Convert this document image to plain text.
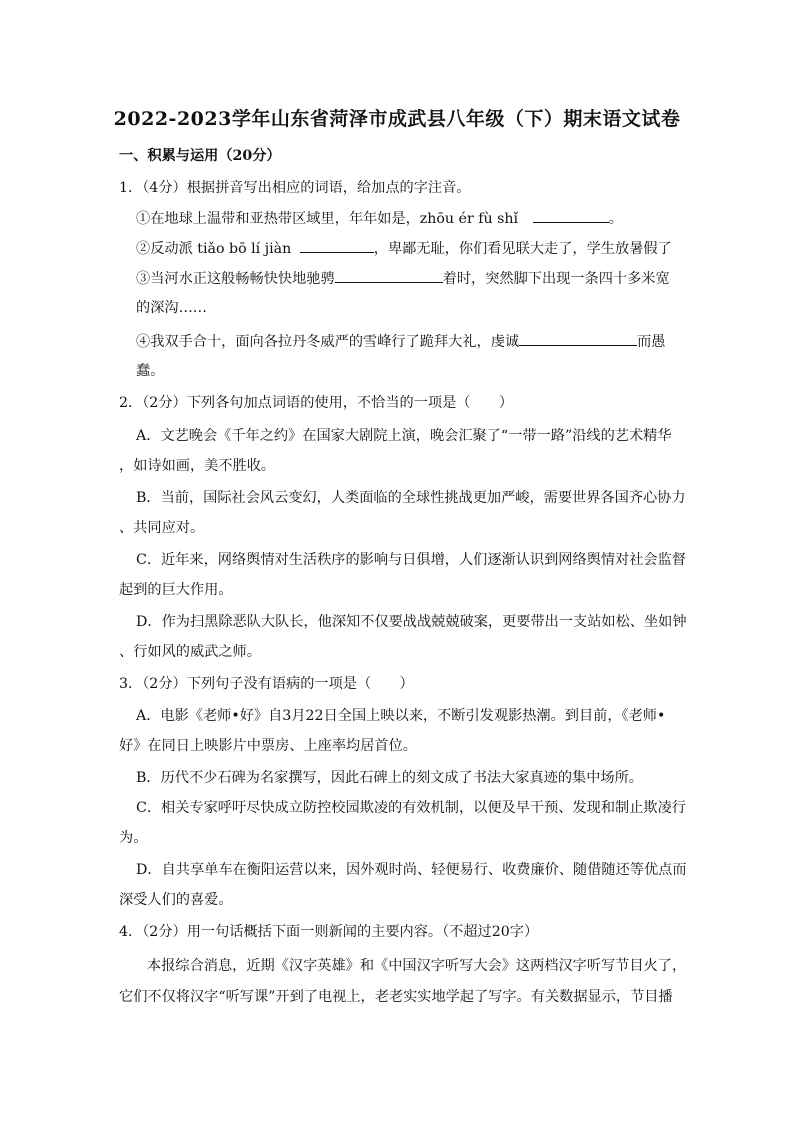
2022-2023学年山东省菏泽市成武县八年级（下）期末语文试卷
一、积累与运用（20分）
1．（4分）根据拼音写出相应的词语，给加点的字注音。
①在地球上温带和亚热带区域里，年年如是，zhōu ér fù shǐ	。
②反动派 tiǎo bō lí jiàn	，卑鄙无耻，你们看见联大走了，学生放暑假了
③当河水正这般畅畅快快地驰骋	着时，突然脚下出现一条四十多米宽
的深沟……
④我双手合十，面向各拉丹冬威严的雪峰行了跪拜大礼，虔诚	而愚
蠢。
2．（2分）下列各句加点词语的使用，不恰当的一项是（　　）
A．文艺晚会《千年之约》在国家大剧院上演，晚会汇聚了“一带一路”沿线的艺术精华
，如诗如画，美不胜收。
B．当前，国际社会风云变幻，人类面临的全球性挑战更加严峻，需要世界各国齐心协力
、共同应对。
C．近年来，网络舆情对生活秩序的影响与日俱增，人们逐渐认识到网络舆情对社会监督
起到的巨大作用。
D．作为扫黑除恶队大队长，他深知不仅要战战兢兢破案，更要带出一支站如松、坐如钟
、行如风的威武之师。
3．（2分）下列句子没有语病的一项是（　　）
A．电影《老师•好》自3月22日全国上映以来，不断引发观影热潮。到目前，《老师•
好》在同日上映影片中票房、上座率均居首位。
B．历代不少石碑为名家撰写，因此石碑上的刻文成了书法大家真迹的集中场所。
C．相关专家呼吁尽快成立防控校园欺凌的有效机制，以便及早干预、发现和制止欺凌行
为。
D．自共享单车在衡阳运营以来，因外观时尚、轻便易行、收费廉价、随借随还等优点而
深受人们的喜爱。
4．（2分）用一句话概括下面一则新闻的主要内容。（不超过20字）
本报综合消息，近期《汉字英雄》和《中国汉字听写大会》这两档汉字听写节目火了，
它们不仅将汉字“听写课”开到了电视上，老老实实地学起了写字。有关数据显示，节目播
